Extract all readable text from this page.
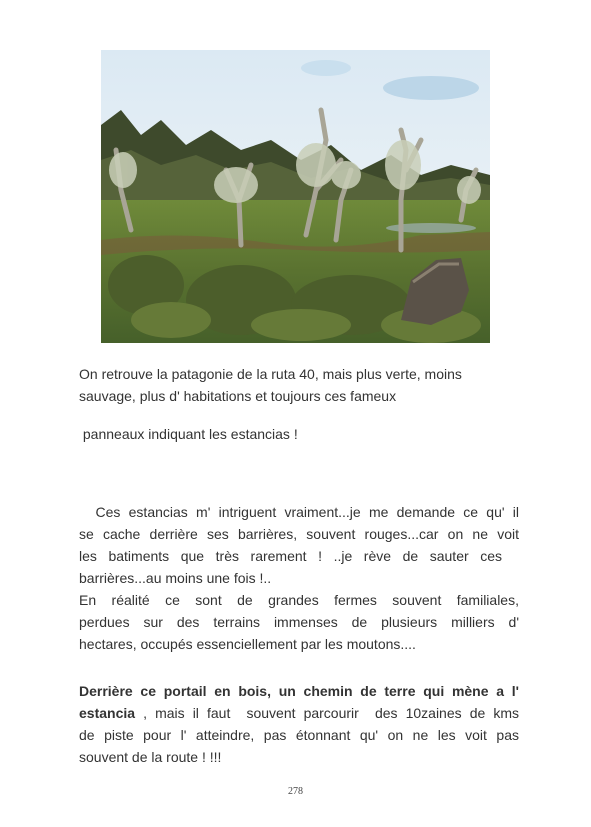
On retrouve la patagonie de la ruta 40, mais plus verte, moins
sauvage, plus d' habitations et toujours ces fameux
panneaux indiquant les estancias !
Ces estancias m' intriguent vraiment...je me demande ce qu' il
se cache derrière ses barrières, souvent rouges...car on ne voit
les batiments que très rarement ! ..je rève de sauter ces
barrières...au moins une fois !..
En réalité ce sont de grandes fermes souvent familiales,
perdues sur des terrains immenses de plusieurs milliers d'
hectares, occupés essenciellement par les moutons....
Derrière ce portail en bois, un chemin de terre qui mène a l'
estancia , mais il faut  souvent parcourir  des 10zaines de kms
de piste pour l' atteindre, pas étonnant qu' on ne les voit pas
souvent de la route ! !!!
278
